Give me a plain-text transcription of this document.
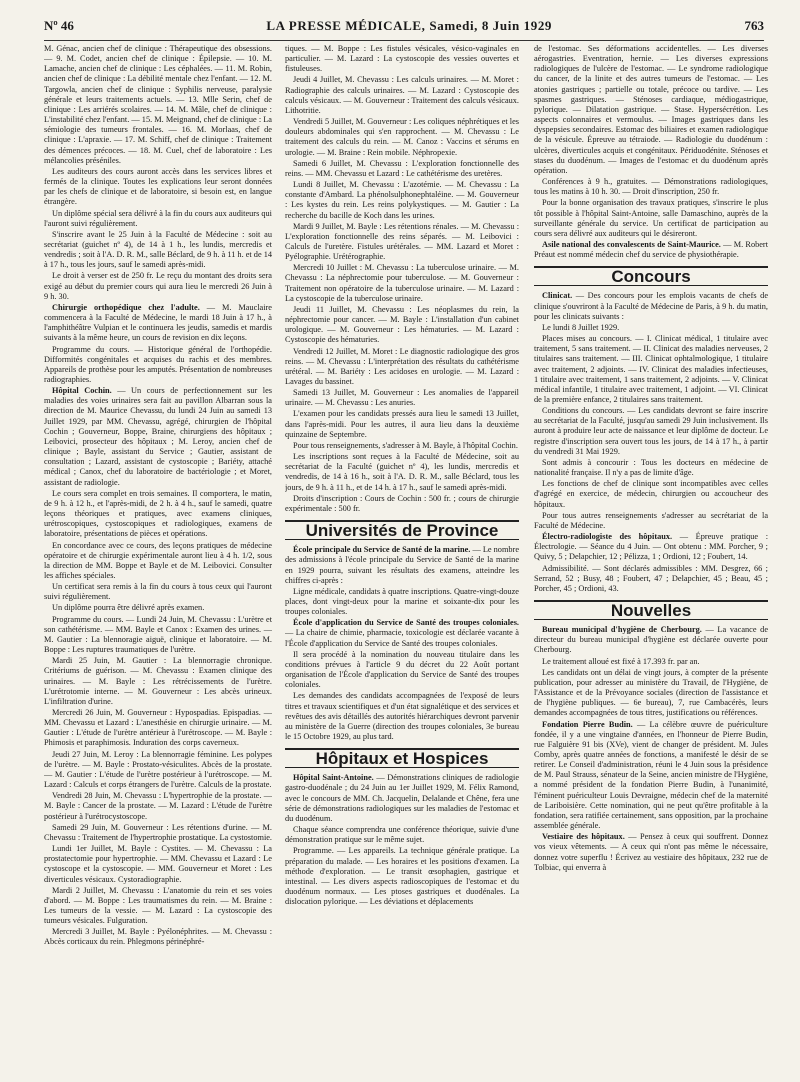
Nº 46	LA PRESSE MÉDICALE, Samedi, 8 Juin 1929	763

M. Génac, ancien chef de clinique : Thérapeutique des obsessions. — 9. M. Codet, ancien chef de clinique : Épilepsie. — 10. M. Lamache, ancien chef de clinique : Les céphalées. — 11. M. Robin, ancien chef de clinique : La débilité mentale chez l'enfant. — 12. M. Targowla, ancien chef de clinique : Syphilis nerveuse, paralysie générale et leurs traitements actuels. — 13. Mlle Serin, chef de clinique : Les arriérés scolaires. — 14. M. Mâle, chef de clinique : L'instabilité chez l'enfant. — 15. M. Meignand, chef de clinique : La sémiologie des tumeurs frontales. — 16. M. Morlaas, chef de clinique : L'apraxie. — 17. M. Schiff, chef de clinique : Traitement des démences précoces. — 18. M. Cuel, chef de laboratoire : Les mélancolies préséniles.

Les auditeurs des cours auront accès dans les services libres et fermés de la clinique. Toutes les explications leur seront données par les chefs de clinique et de laboratoire, si besoin est, en langue étrangère.

Un diplôme spécial sera délivré à la fin du cours aux auditeurs qui l'auront suivi régulièrement.

S'inscrire avant le 25 Juin à la Faculté de Médecine : soit au secrétariat (guichet nº 4), de 14 à 1 h., les lundis, mercredis et vendredis ; soit à l'A. D. R. M., salle Béclard, de 9 h. à 11 h. et de 14 à 17 h., tous les jours, sauf le samedi après-midi.

Le droit à verser est de 250 fr. Le reçu du montant des droits sera exigé au début du premier cours qui aura lieu le mercredi 26 Juin à 9 h. 30.

Chirurgie orthopédique chez l'adulte. — M. Mauclaire commencera à la Faculté de Médecine, le mardi 18 Juin à 17 h., à l'amphithéâtre Vulpian et le continuera les jeudis, samedis et mardis suivants à la même heure, un cours de revision en dix leçons.

Programme du cours. — Historique général de l'orthopédie. Difformités congénitales et acquises du rachis et des membres. Appareils de prothèse pour les amputés. Présentation de nombreuses radiographies.

Hôpital Cochin. — Un cours de perfectionnement sur les maladies des voies urinaires sera fait au pavillon Albarran sous la direction de M. Maurice Chevassu, du lundi 24 Juin au samedi 13 Juillet 1929, par MM. Chevassu, agrégé, chirurgien de l'hôpital Cochin ; Gouverneur, Boppe, Braine, chirurgiens des hôpitaux ; Leibovici, prosecteur des hôpitaux ; M. Leroy, ancien chef de clinique ; Bayle, assistant du Service ; Gautier, assistant de consultation ; Lazard, assistant de cystoscopie ; Bariéty, attaché médical ; Canox, chef du laboratoire de bactériologie ; et Moret, assistant de radiologie.

Le cours sera complet en trois semaines. Il comportera, le matin, de 9 h. à 12 h., et l'après-midi, de 2 h. à 4 h., sauf le samedi, quatre leçons théoriques et pratiques, avec examens cliniques, urétroscopiques, cystoscopiques et radiologiques, examens de laboratoire, présentations de pièces et opérations.

En concordance avec ce cours, des leçons pratiques de médecine opératoire et de chirurgie expérimentale auront lieu à 4 h. 1/2, sous la direction de MM. Boppe et Bayle et de M. Leibovici. Consulter les affiches spéciales.

Un certificat sera remis à la fin du cours à tous ceux qui l'auront suivi régulièrement.

Un diplôme pourra être délivré après examen.

Programme du cours. — Lundi 24 Juin, M. Chevassu : L'urètre et son cathétérisme. — MM. Bayle et Canox : Examen des urines. — M. Gautier : La blennoragie aiguë, clinique et laboratoire. — M. Boppe : Les ruptures traumatiques de l'urètre.

Mardi 25 Juin, M. Gautier : La blennorragie chronique. Critériums de guérison. — M. Chevassu : Examen clinique des urinaires. — M. Bayle : Les rétrécissements de l'urètre. L'urétrotomie interne. — M. Gouverneur : Les abcès urineux. L'infiltration d'urine.

Mercredi 26 Juin, M. Gouverneur : Hypospadias. Epispadias. — MM. Chevassu et Lazard : L'anesthésie en chirurgie urinaire. — M. Gautier : L'étude de l'urètre antérieur à l'urétroscope. — M. Bayle : Phimosis et paraphimosis. Induration des corps caverneux.

Jeudi 27 Juin, M. Leroy : La blennorragie féminine. Les polypes de l'urètre. — M. Bayle : Prostato-vésiculites. Abcès de la prostate. — M. Gautier : L'étude de l'urètre postérieur à l'urétroscope. — M. Lazard : Calculs et corps étrangers de l'urètre. Calculs de la prostate.

Vendredi 28 Juin, M. Chevassu : L'hypertrophie de la prostate. — M. Bayle : Cancer de la prostate. — M. Lazard : L'étude de l'urètre postérieur à l'urétrocystoscope.

Samedi 29 Juin, M. Gouverneur : Les rétentions d'urine. — M. Chevassu : Traitement de l'hypertrophie prostatique. La cystostomie.

Lundi 1er Juillet, M. Bayle : Cystites. — M. Chevassu : La prostatectomie pour hypertrophie. — MM. Chevassu et Lazard : Le cystoscope et la cystoscopie. — MM. Gouverneur et Moret : Les diverticules vésicaux. Cystoradiographie.

Mardi 2 Juillet, M. Chevassu : L'anatomie du rein et ses voies d'abord. — M. Boppe : Les traumatismes du rein. — M. Braine : Les tumeurs de la vessie. — M. Lazard : La cystoscopie des tumeurs vésicales. Fulguration.

Mercredi 3 Juillet, M. Bayle : Pyélonéphrites. — M. Chevassu : Abcès corticaux du rein. Phlegmons périnéphré-

tiques. — M. Boppe : Les fistules vésicales, vésico-vaginales en particulier. — M. Lazard : La cystoscopie des vessies ouvertes et fistuleuses.

Jeudi 4 Juillet, M. Chevassu : Les calculs urinaires. — M. Moret : Radiographie des calculs urinaires. — M. Lazard : Cystoscopie des calculs vésicaux. — M. Gouverneur : Traitement des calculs vésicaux. Lithotritie.

Vendredi 5 Juillet, M. Gouverneur : Les coliques néphrétiques et les douleurs abdominales qui s'en rapprochent. — M. Chevassu : Le traitement des calculs du rein. — M. Canoz : Vaccins et sérums en urologie. — M. Braine : Rein mobile. Néphropexie.

Samedi 6 Juillet, M. Chevassu : L'exploration fonctionnelle des reins. — MM. Chevassu et Lazard : Le cathétérisme des uretères.

Lundi 8 Juillet, M. Chevassu : L'azotémie. — M. Chevassu : La constante d'Ambard. La phénolsulphonephtaléine. — M. Gouverneur : Les kystes du rein. Les reins polykystiques. — M. Gautier : La recherche du bacille de Koch dans les urines.

Mardi 9 Juillet, M. Bayle : Les rétentions rénales. — M. Chevassu : L'exploration fonctionnelle des reins séparés. — M. Leibovici : Calculs de l'uretère. Fistules urétérales. — MM. Lazard et Moret : Pyélographie. Urétérographie.

Mercredi 10 Juillet : M. Chevassu : La tuberculose urinaire. — M. Chevassu : La néphrectomie pour tuberculose. — M. Gouverneur : Traitement non opératoire de la tuberculose urinaire. — M. Lazard : La cystoscopie de la tuberculose urinaire.

Jeudi 11 Juillet, M. Chevassu : Les néoplasmes du rein, la néphrectomie pour cancer. — M. Bayle : L'installation d'un cabinet urologique. — M. Gouverneur : Les hématuries. — M. Lazard : Cystoscopie des hématuries.

Vendredi 12 Juillet, M. Moret : Le diagnostic radiologique des gros reins. — M. Chevassu : L'interprétation des résultats du cathétérisme urétéral. — M. Bariéty : Les acidoses en urologie. — M. Lazard : Lavages du bassinet.

Samedi 13 Juillet, M. Gouverneur : Les anomalies de l'appareil urinaire. — M. Chevassu : Les anuries.

L'examen pour les candidats pressés aura lieu le samedi 13 Juillet, dans l'après-midi. Pour les autres, il aura lieu dans la deuxième quinzaine de Septembre.

Pour tous renseignements, s'adresser à M. Bayle, à l'hôpital Cochin.

Les inscriptions sont reçues à la Faculté de Médecine, soit au secrétariat de la Faculté (guichet nº 4), les lundis, mercredis et vendredis, de 14 à 16 h., soit à l'A. D. R. M., salle Béclard, tous les jours, de 9 h. à 11 h., et de 14 h. à 17 h., sauf le samedi après-midi.

Droits d'inscription : Cours de Cochin : 500 fr. ; cours de chirurgie expérimentale : 500 fr.

Universités de Province

École principale du Service de Santé de la marine. — Le nombre des admissions à l'école principale du Service de Santé de la marine en 1929 pourra, suivant les résultats des examens, atteindre les chiffres ci-après :

Ligne médicale, candidats à quatre inscriptions. Quatre-vingt-douze places, dont vingt-deux pour la marine et soixante-dix pour les troupes coloniales.

École d'application du Service de Santé des troupes coloniales. — La chaire de chimie, pharmacie, toxicologie est déclarée vacante à l'École d'application du Service de Santé des troupes coloniales.

Il sera procédé à la nomination du nouveau titulaire dans les conditions prévues à l'article 9 du décret du 22 Août portant organisation de l'École d'application du Service de Santé des troupes coloniales.

Les demandes des candidats accompagnées de l'exposé de leurs titres et travaux scientifiques et d'un état signalétique et des services et revêtues des avis détaillés des autorités hiérarchiques devront parvenir au ministère de la Guerre (direction des troupes coloniales, 3e bureau le 15 Octobre 1929, au plus tard.

Hôpitaux et Hospices

Hôpital Saint-Antoine. — Démonstrations cliniques de radiologie gastro-duodénale ; du 24 Juin au 1er Juillet 1929, M. Félix Ramond, avec le concours de MM. Ch. Jacquelin, Delalande et Chêne, fera une série de démonstrations radiologiques sur les maladies de l'estomac et du duodénum.

Chaque séance comprendra une conférence théorique, suivie d'une démonstration pratique sur le même sujet.

Programme. — Les appareils. La technique générale pratique. La préparation du malade. — Les horaires et les positions d'examen. La méthode d'exploration. — Le transit œsophagien, gastrique et intestinal. — Les divers aspects radioscopiques de l'estomac et du duodénum normaux. — Les ptoses gastriques et duodénales. La dislocation pylorique. — Les déviations et déplacements

de l'estomac. Ses déformations accidentelles. — Les diverses aérogastries. Eventration, hernie. — Les diverses expressions radiologiques de l'ulcère de l'estomac. — Le syndrome radiologique du cancer, de la linite et des autres tumeurs de l'estomac. — Les atonies gastriques ; partielle ou totale, précoce ou tardive. — Les spasmes gastriques. — Sténoses cardiaque, médiogastrique, pylorique. — Dilatation gastrique. — Stase. Hypersécrétion. Les aspects colonnaires et vermoulus. — Images gastriques dans les dyspepsies secondaires. Estomac des biliaires et examen radiologique de la vésicule. Épreuve au tétraiode. — Radiologie du duodénum : ulcères, diverticules acquis et congénitaux. Périduodénite. Sténoses et stases du duodénum. — Images de l'estomac et du duodénum après opération.

Conférences à 9 h., gratuites. — Démonstrations radiologiques, tous les matins à 10 h. 30. — Droit d'inscription, 250 fr.

Pour la bonne organisation des travaux pratiques, s'inscrire le plus tôt possible à l'hôpital Saint-Antoine, salle Damaschino, auprès de la surveillante générale du service. Un certificat de participation au cours sera délivré aux auditeurs qui le désireront.

Asile national des convalescents de Saint-Maurice. — M. Robert Préaut est nommé médecin chef du service de physiothérapie.

Concours

Clinicat. — Des concours pour les emplois vacants de chefs de clinique s'ouvriront à la Faculté de Médecine de Paris, à 9 h. du matin, pour les clinicats suivants :

Le lundi 8 Juillet 1929.

Places mises au concours. — I. Clinicat médical, 1 titulaire avec traitement, 5 sans traitement. — II. Clinicat des maladies nerveuses, 2 titulaires sans traitement. — III. Clinicat ophtalmologique, 1 titulaire avec traitement, 2 adjoints. — IV. Clinicat des maladies infectieuses, 1 titulaire avec traitement, 1 sans traitement, 2 adjoints. — V. Clinicat médical infantile, 1 titulaire avec traitement, 1 adjoint. — VI. Clinicat de la première enfance, 2 titulaires sans traitement.

Conditions du concours. — Les candidats devront se faire inscrire au secrétariat de la Faculté, jusqu'au samedi 29 Juin inclusivement. Ils auront à produire leur acte de naissance et leur diplôme de docteur. Le registre d'inscription sera ouvert tous les jours, de 14 à 17 h., à partir du vendredi 31 Mai 1929.

Sont admis à concourir : Tous les docteurs en médecine de nationalité française. Il n'y a pas de limite d'âge.

Les fonctions de chef de clinique sont incompatibles avec celles d'agrégé en exercice, de médecin, chirurgien ou accoucheur des hôpitaux.

Pour tous autres renseignements s'adresser au secrétariat de la Faculté de Médecine.

Électro-radiologiste des hôpitaux. — Épreuve pratique : Électrologie. — Séance du 4 Juin. — Ont obtenu : MM. Porcher, 9 ; Quivy, 5 ; Delapchier, 12 ; Pélizza, 1 ; Ordioni, 12 ; Foubert, 14.

Admissibilité. — Sont déclarés admissibles : MM. Desgrez, 66 ; Serrand, 52 ; Busy, 48 ; Foubert, 47 ; Delapchier, 45 ; Beau, 45 ; Porcher, 45 ; Ordioni, 43.

Nouvelles

Bureau municipal d'hygiène de Cherbourg. — La vacance de directeur du bureau municipal d'hygiène est déclarée ouverte pour Cherbourg.

Le traitement alloué est fixé à 17.393 fr. par an.

Les candidats ont un délai de vingt jours, à compter de la présente publication, pour adresser au ministère du Travail, de l'Hygiène, de l'Assistance et de la Prévoyance sociales (direction de l'assistance et de l'hygiène publiques. — 6e bureau), 7, rue Cambacérès, leurs demandes accompagnées de tous titres, justifications ou références.

Fondation Pierre Budin. — La célèbre œuvre de puériculture fondée, il y a une vingtaine d'années, en l'honneur de Pierre Budin, rue Falguière 91 bis (XVe), vient de changer de président. M. Jules Comby, après quatre années de fonctions, a manifesté le désir de se retirer. Le Conseil d'administration, réuni le 4 Juin sous la présidence de M. Paul Strauss, sénateur de la Seine, ancien ministre de l'Hygiène, a nommé président de la fondation Pierre Budin, à l'unanimité, l'éminent puériculteur Louis Devraigne, médecin chef de la maternité de Lariboisière. Cette nomination, qui ne peut qu'être profitable à la fondation, sera ratifiée certainement, sans opposition, par la prochaine assemblée générale.

Vestiaire des hôpitaux. — Pensez à ceux qui souffrent. Donnez vos vieux vêtements. — A ceux qui n'ont pas même le nécessaire, donnez votre superflu ! Écrivez au vestiaire des hôpitaux, 232 rue de Tolbiac, qui enverra à
